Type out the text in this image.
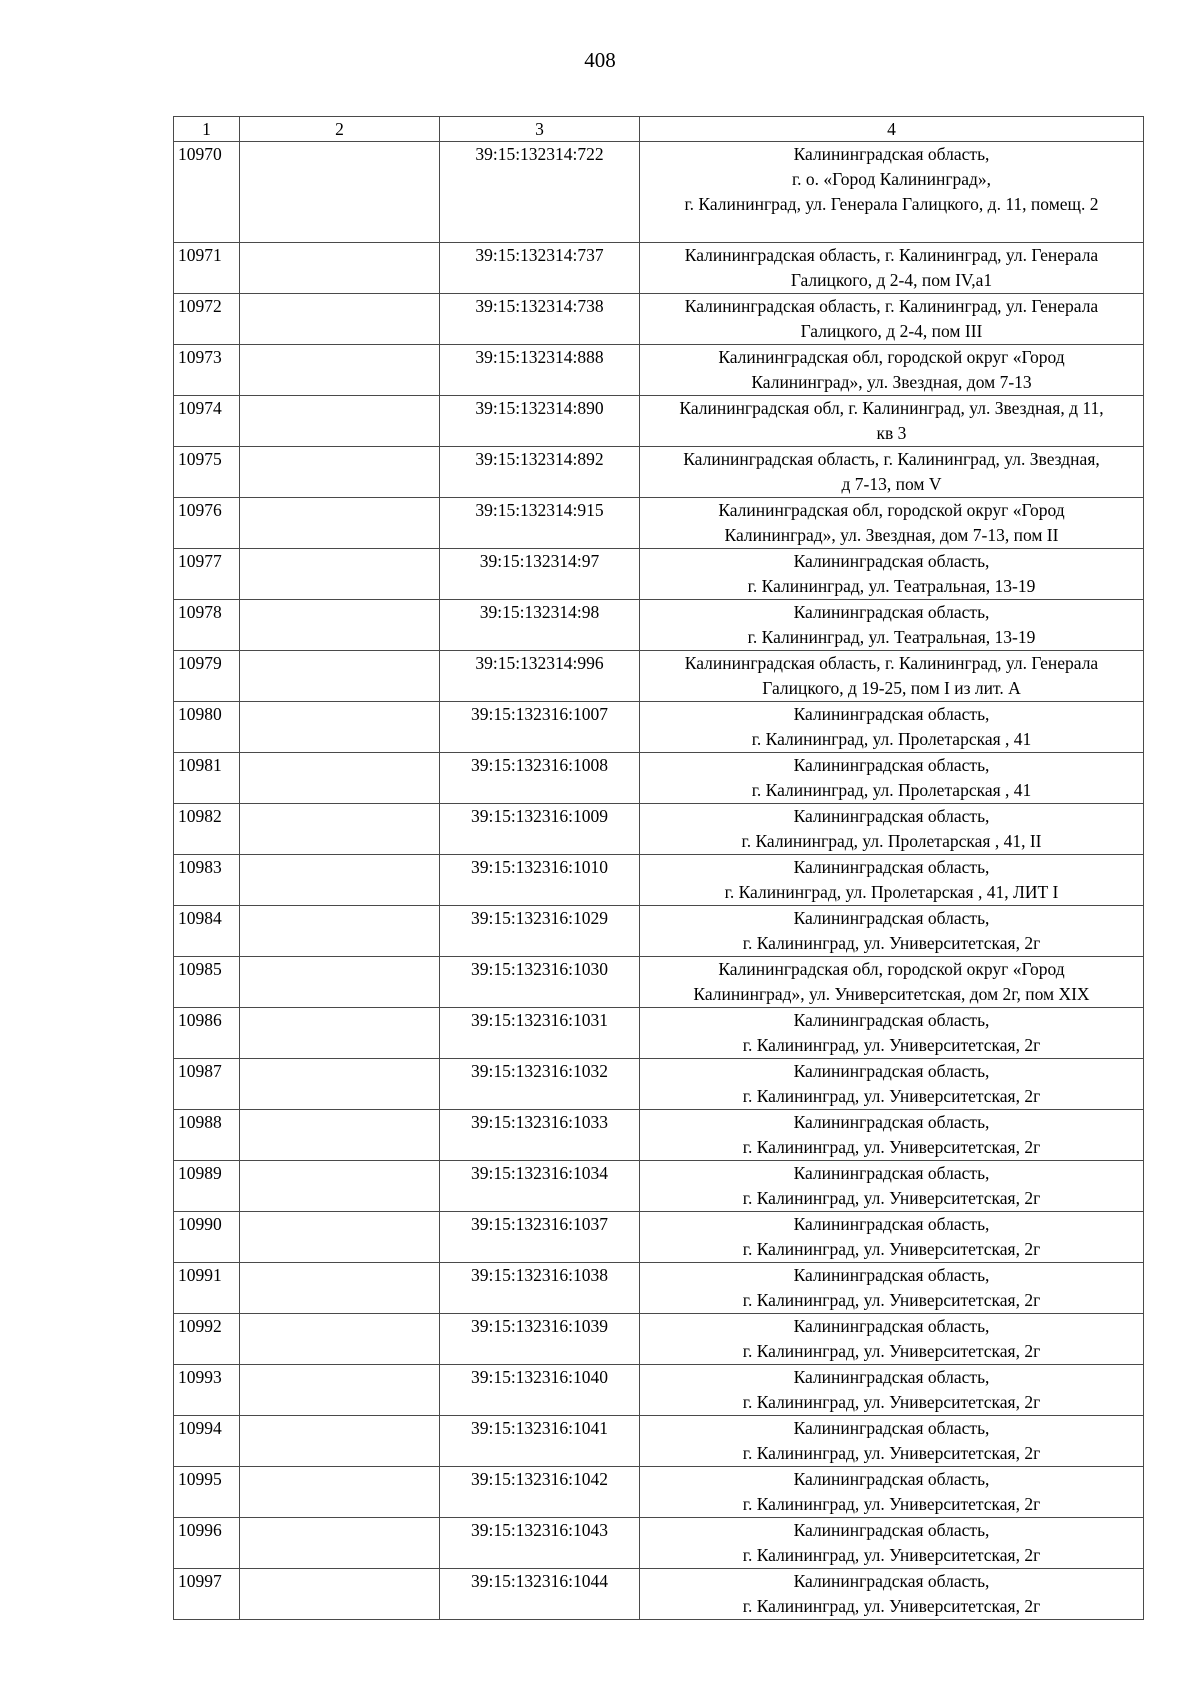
408
1	2	3	4
10970		39:15:132314:722	Калининградская область,
г. о. «Город Калининград»,
г. Калининград, ул. Генерала Галицкого, д. 11, помещ. 2

10971		39:15:132314:737	Калининградская область, г. Калининград, ул. Генерала
Галицкого, д 2-4, пом IV,a1

10972		39:15:132314:738	Калининградская область, г. Калининград, ул. Генерала
Галицкого, д 2-4, пом III

10973		39:15:132314:888	Калининградская обл, городской округ «Город
Калининград», ул. Звездная, дом 7-13

10974		39:15:132314:890	Калининградская обл, г. Калининград, ул. Звездная, д 11,
кв 3

10975		39:15:132314:892	Калининградская область, г. Калининград, ул. Звездная,
д 7-13, пом V

10976		39:15:132314:915	Калининградская обл, городской округ «Город
Калининград», ул. Звездная, дом 7-13, пом II

10977		39:15:132314:97	Калининградская область,
г. Калининград, ул. Театральная, 13-19

10978		39:15:132314:98	Калининградская область,
г. Калининград, ул. Театральная, 13-19

10979		39:15:132314:996	Калининградская область, г. Калининград, ул. Генерала
Галицкого, д 19-25, пом I из лит. А

10980		39:15:132316:1007	Калининградская область,
г. Калининград, ул. Пролетарская , 41

10981		39:15:132316:1008	Калининградская область,
г. Калининград, ул. Пролетарская , 41

10982		39:15:132316:1009	Калининградская область,
г. Калининград, ул. Пролетарская , 41, II

10983		39:15:132316:1010	Калининградская область,
г. Калининград, ул. Пролетарская , 41, ЛИТ I

10984		39:15:132316:1029	Калининградская область,
г. Калининград, ул. Университетская, 2г

10985		39:15:132316:1030	Калининградская обл, городской округ «Город
Калининград», ул. Университетская, дом 2г, пом XIX

10986		39:15:132316:1031	Калининградская область,
г. Калининград, ул. Университетская, 2г

10987		39:15:132316:1032	Калининградская область,
г. Калининград, ул. Университетская, 2г

10988		39:15:132316:1033	Калининградская область,
г. Калининград, ул. Университетская, 2г

10989		39:15:132316:1034	Калининградская область,
г. Калининград, ул. Университетская, 2г

10990		39:15:132316:1037	Калининградская область,
г. Калининград, ул. Университетская, 2г

10991		39:15:132316:1038	Калининградская область,
г. Калининград, ул. Университетская, 2г

10992		39:15:132316:1039	Калининградская область,
г. Калининград, ул. Университетская, 2г

10993		39:15:132316:1040	Калининградская область,
г. Калининград, ул. Университетская, 2г

10994		39:15:132316:1041	Калининградская область,
г. Калининград, ул. Университетская, 2г

10995		39:15:132316:1042	Калининградская область,
г. Калининград, ул. Университетская, 2г

10996		39:15:132316:1043	Калининградская область,
г. Калининград, ул. Университетская, 2г

10997		39:15:132316:1044	Калининградская область,
г. Калининград, ул. Университетская, 2г
